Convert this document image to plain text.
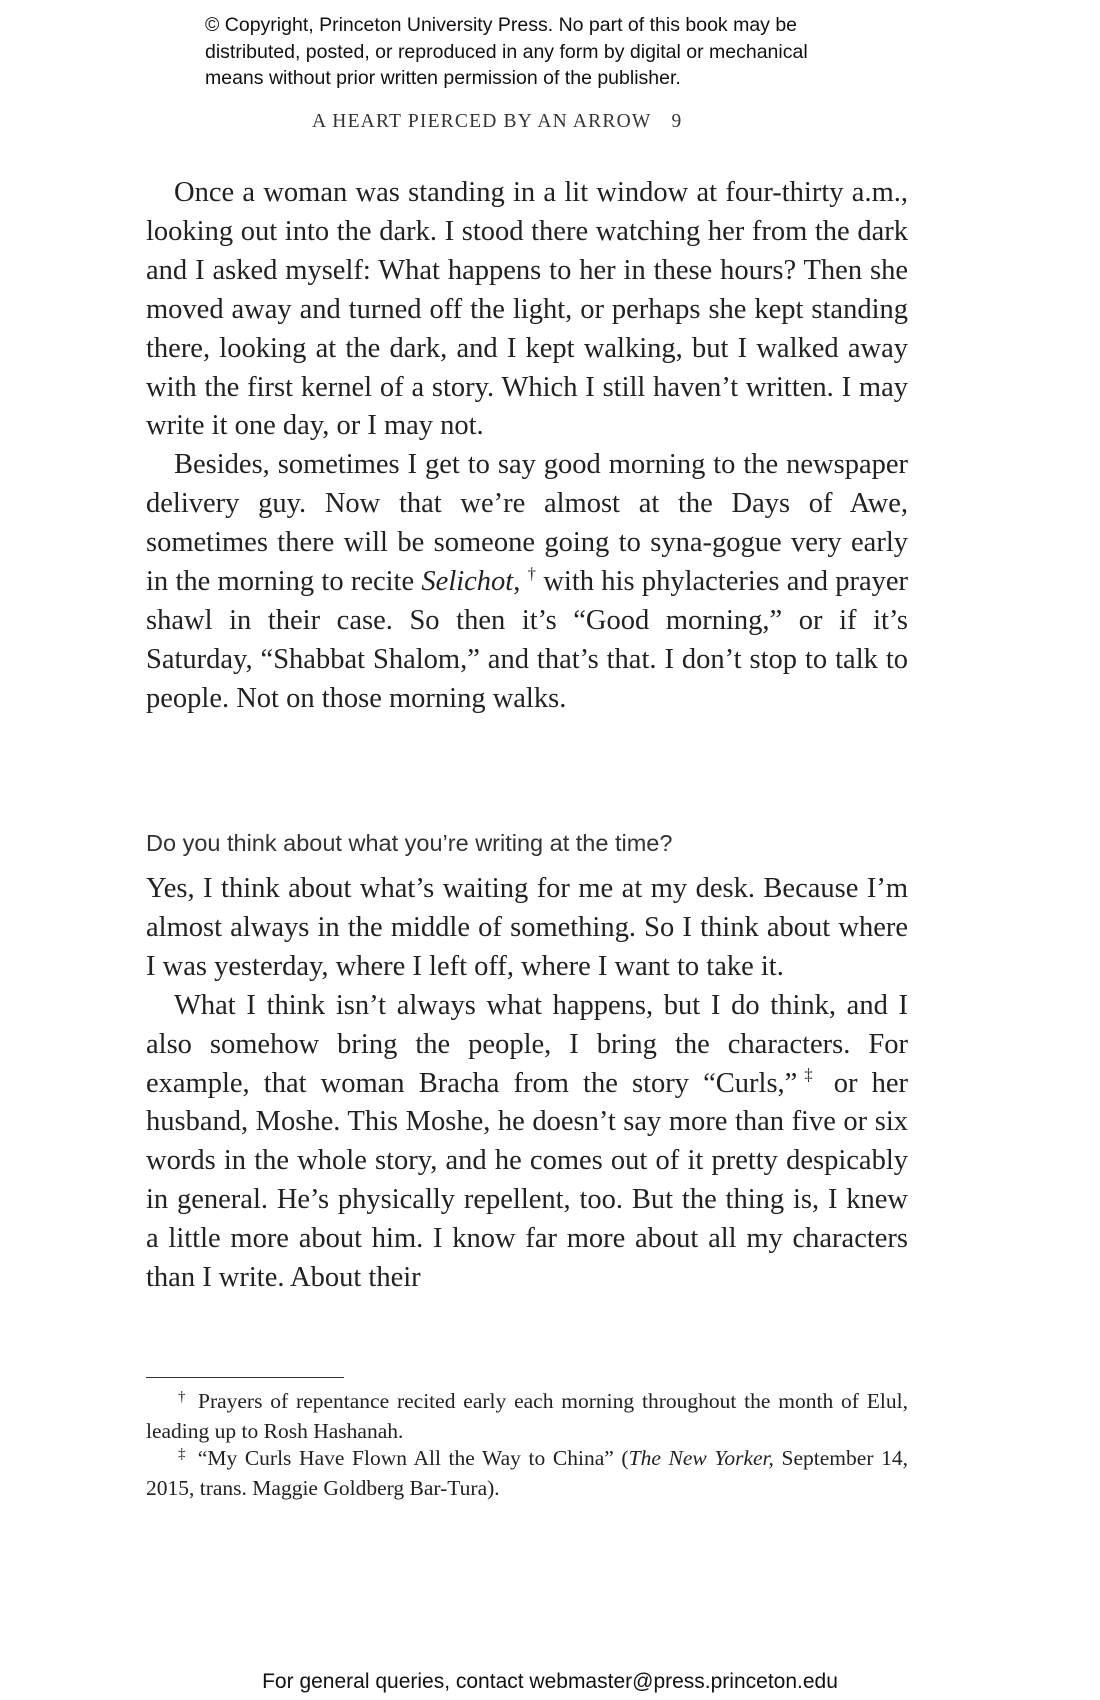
© Copyright, Princeton University Press. No part of this book may be
distributed, posted, or reproduced in any form by digital or mechanical
means without prior written permission of the publisher.
A HEART PIERCED BY AN ARROW 9

Once a woman was standing in a lit window at four-thirty a.m., looking out into the dark. I stood there watching her from the dark and I asked myself: What happens to her in these hours? Then she moved away and turned off the light, or perhaps she kept standing there, looking at the dark, and I kept walking, but I walked away with the first kernel of a story. Which I still haven’t written. I may write it one day, or I may not.

Besides, sometimes I get to say good morning to the newspaper delivery guy. Now that we’re almost at the Days of Awe, sometimes there will be someone going to syna-gogue very early in the morning to recite Selichot, † with his phylacteries and prayer shawl in their case. So then it’s “Good morning,” or if it’s Saturday, “Shabbat Shalom,” and that’s that. I don’t stop to talk to people. Not on those morning walks.

Do you think about what you’re writing at the time?

Yes, I think about what’s waiting for me at my desk. Because I’m almost always in the middle of something. So I think about where I was yesterday, where I left off, where I want to take it.

What I think isn’t always what happens, but I do think, and I also somehow bring the people, I bring the characters. For example, that woman Bracha from the story “Curls,”‡ or her husband, Moshe. This Moshe, he doesn’t say more than five or six words in the whole story, and he comes out of it pretty despicably in general. He’s physically repellent, too. But the thing is, I knew a little more about him. I know far more about all my characters than I write. About their

† Prayers of repentance recited early each morning throughout the month of Elul, leading up to Rosh Hashanah.

‡ “My Curls Have Flown All the Way to China” (The New Yorker, September 14, 2015, trans. Maggie Goldberg Bar-Tura).

For general queries, contact webmaster@press.princeton.edu
